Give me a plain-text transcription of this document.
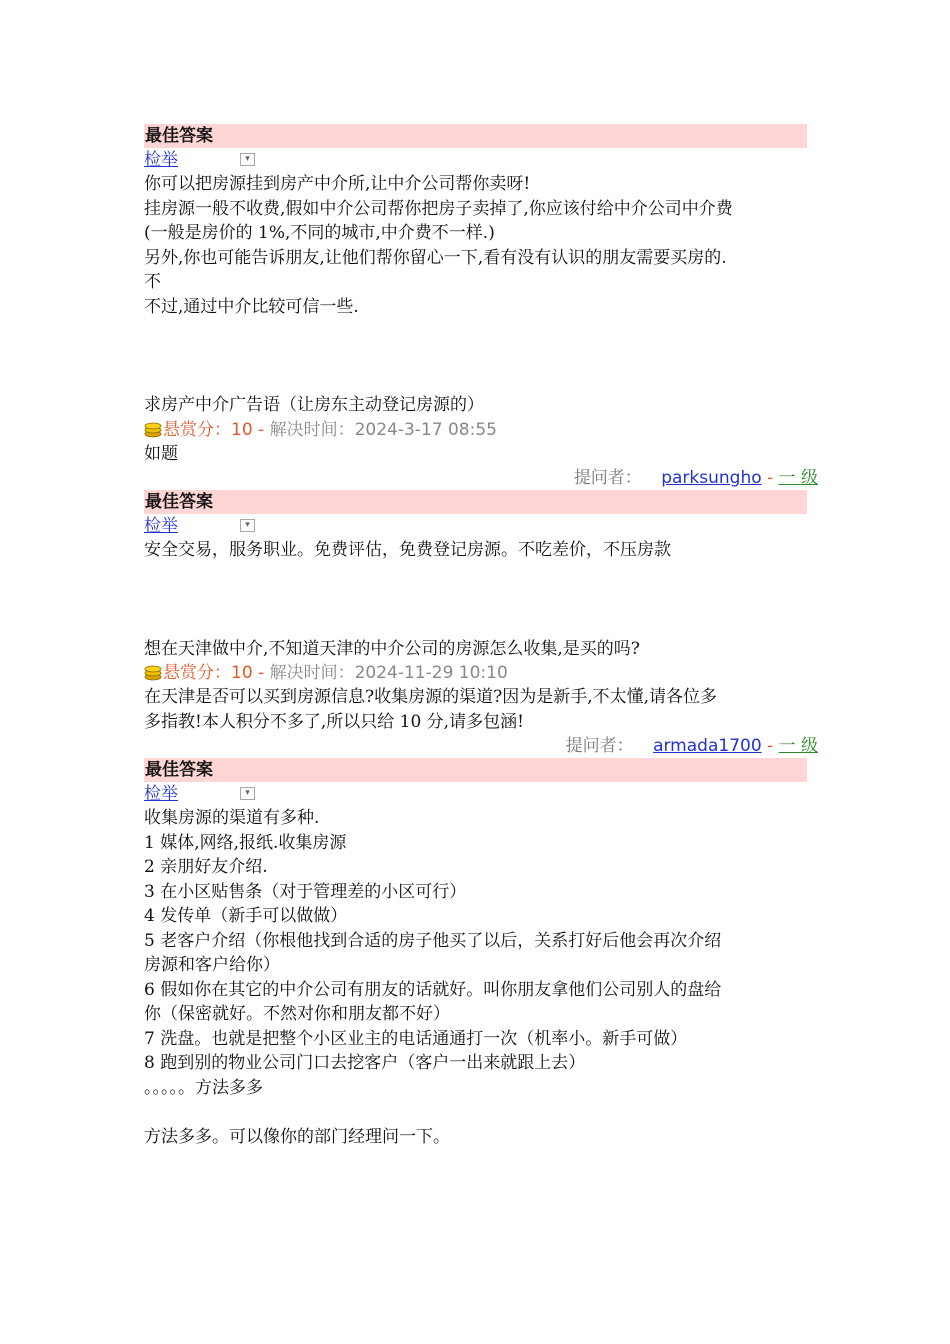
最佳答案
检举	▾
你可以把房源挂到房产中介所,让中介公司帮你卖呀!
挂房源一般不收费,假如中介公司帮你把房子卖掉了,你应该付给中介公司中介费
(一般是房价的 1%,不同的城市,中介费不一样.)
另外,你也可能告诉朋友,让他们帮你留心一下,看有没有认识的朋友需要买房的.
不
不过,通过中介比较可信一些.
求房产中介广告语（让房东主动登记房源的）
悬赏分：10 - 解决时间：2024-3-17 08:55
如题
提问者： parksungho - 一 级
最佳答案
检举	▾
安全交易，服务职业。免费评估，免费登记房源。不吃差价，不压房款
想在天津做中介,不知道天津的中介公司的房源怎么收集,是买的吗?
悬赏分：10 - 解决时间：2024-11-29 10:10
在天津是否可以买到房源信息?收集房源的渠道?因为是新手,不太懂,请各位多
多指教!本人积分不多了,所以只给 10 分,请多包涵!
提问者： armada1700 - 一 级
最佳答案
检举	▾
收集房源的渠道有多种.
1 媒体,网络,报纸.收集房源
2 亲朋好友介绍.
3 在小区贴售条（对于管理差的小区可行）
4 发传单（新手可以做做）
5 老客户介绍（你根他找到合适的房子他买了以后，关系打好后他会再次介绍
房源和客户给你）
6 假如你在其它的中介公司有朋友的话就好。叫你朋友拿他们公司别人的盘给
你（保密就好。不然对你和朋友都不好）
7 洗盘。也就是把整个小区业主的电话通通打一次（机率小。新手可做）
8 跑到别的物业公司门口去挖客户（客户一出来就跟上去）
。。。。。方法多多
方法多多。可以像你的部门经理问一下。
